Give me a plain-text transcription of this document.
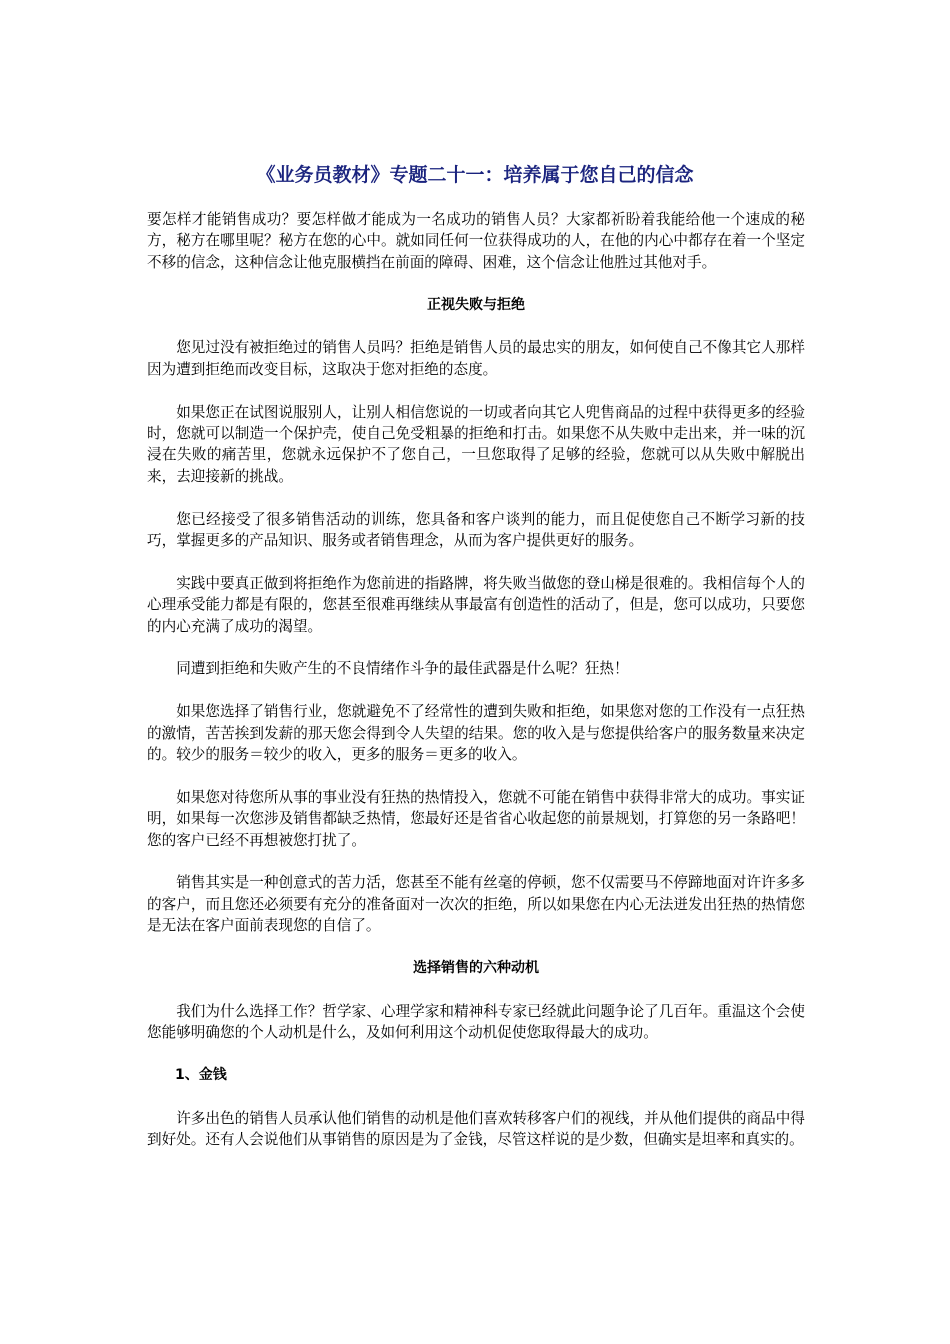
《业务员教材》专题二十一：培养属于您自己的信念

要怎样才能销售成功？要怎样做才能成为一名成功的销售人员？大家都祈盼着我能给他一个速成的秘方，秘方在哪里呢？秘方在您的心中。就如同任何一位获得成功的人，在他的内心中都存在着一个坚定不移的信念，这种信念让他克服横挡在前面的障碍、困难，这个信念让他胜过其他对手。

正视失败与拒绝

您见过没有被拒绝过的销售人员吗？拒绝是销售人员的最忠实的朋友，如何使自己不像其它人那样因为遭到拒绝而改变目标，这取决于您对拒绝的态度。

如果您正在试图说服别人，让别人相信您说的一切或者向其它人兜售商品的过程中获得更多的经验时，您就可以制造一个保护壳，使自己免受粗暴的拒绝和打击。如果您不从失败中走出来，并一味的沉浸在失败的痛苦里，您就永远保护不了您自己，一旦您取得了足够的经验，您就可以从失败中解脱出来，去迎接新的挑战。

您已经接受了很多销售活动的训练，您具备和客户谈判的能力，而且促使您自己不断学习新的技巧，掌握更多的产品知识、服务或者销售理念，从而为客户提供更好的服务。

实践中要真正做到将拒绝作为您前进的指路牌，将失败当做您的登山梯是很难的。我相信每个人的心理承受能力都是有限的，您甚至很难再继续从事最富有创造性的活动了，但是，您可以成功，只要您的内心充满了成功的渴望。

同遭到拒绝和失败产生的不良情绪作斗争的最佳武器是什么呢？狂热！

如果您选择了销售行业，您就避免不了经常性的遭到失败和拒绝，如果您对您的工作没有一点狂热的激情，苦苦挨到发薪的那天您会得到令人失望的结果。您的收入是与您提供给客户的服务数量来决定的。较少的服务＝较少的收入，更多的服务＝更多的收入。

如果您对待您所从事的事业没有狂热的热情投入，您就不可能在销售中获得非常大的成功。事实证明，如果每一次您涉及销售都缺乏热情，您最好还是省省心收起您的前景规划，打算您的另一条路吧！您的客户已经不再想被您打扰了。

销售其实是一种创意式的苦力活，您甚至不能有丝毫的停顿，您不仅需要马不停蹄地面对许许多多的客户，而且您还必须要有充分的准备面对一次次的拒绝，所以如果您在内心无法迸发出狂热的热情您是无法在客户面前表现您的自信了。

选择销售的六种动机

我们为什么选择工作？哲学家、心理学家和精神科专家已经就此问题争论了几百年。重温这个会使您能够明确您的个人动机是什么，及如何利用这个动机促使您取得最大的成功。

1、金钱

许多出色的销售人员承认他们销售的动机是他们喜欢转移客户们的视线，并从他们提供的商品中得到好处。还有人会说他们从事销售的原因是为了金钱，尽管这样说的是少数，但确实是坦率和真实的。
